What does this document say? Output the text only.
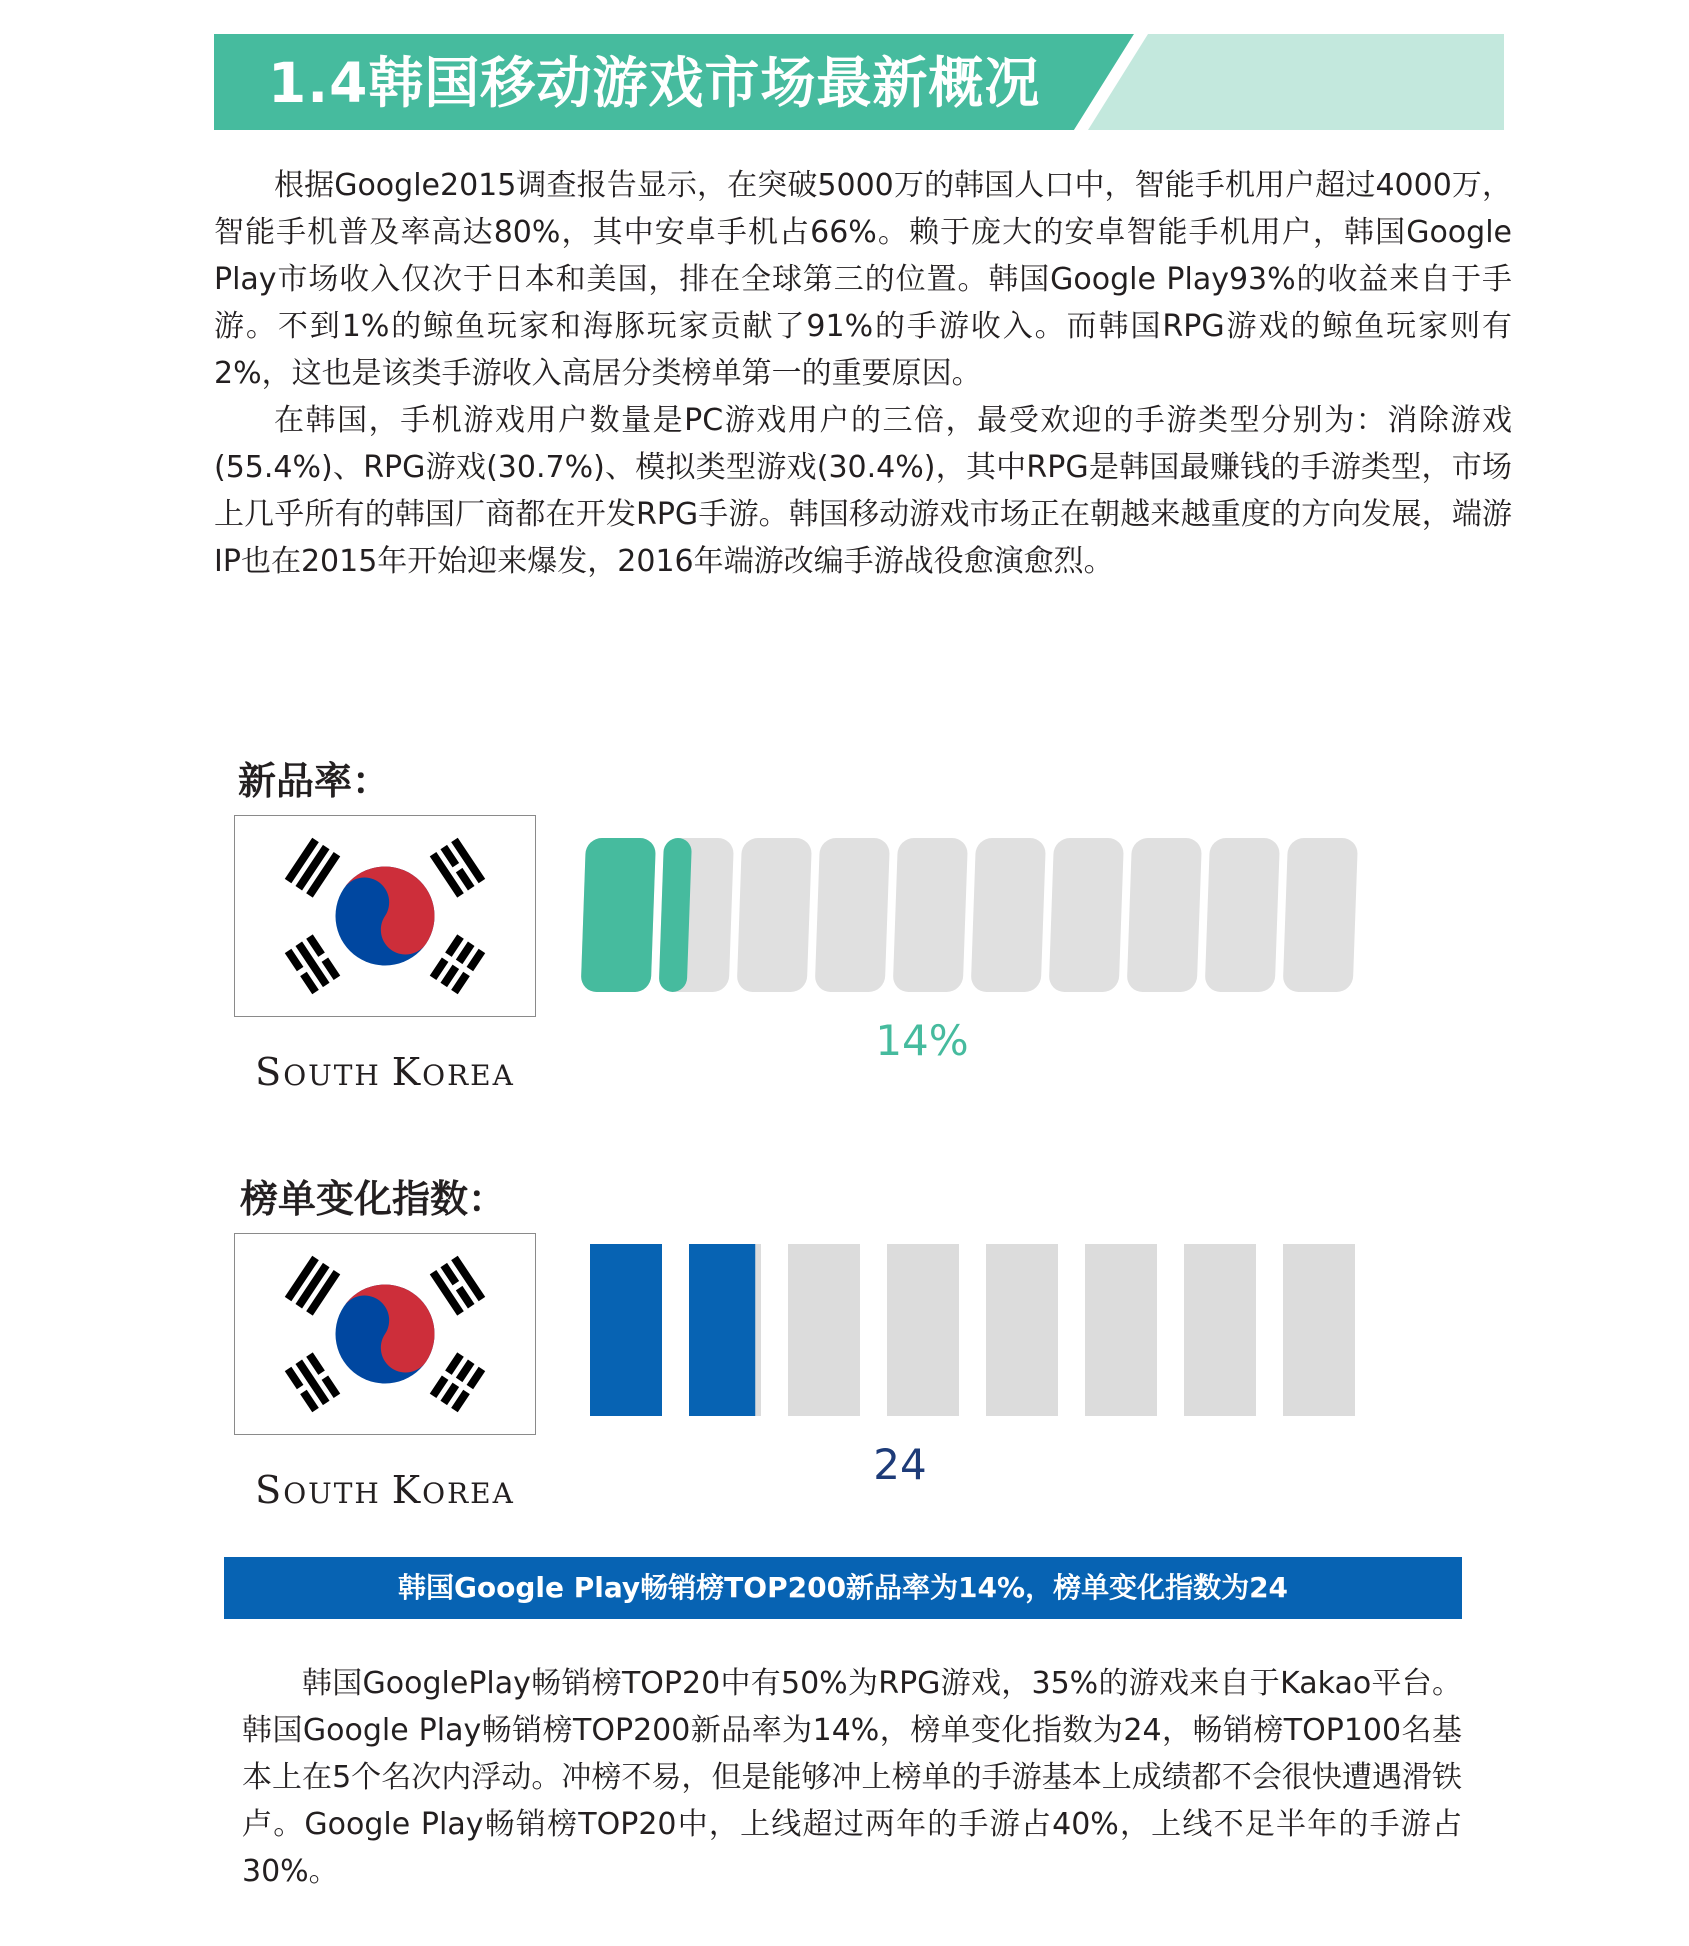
1.4韩国移动游戏市场最新概况

根据Google2015调查报告显示，在突破5000万的韩国人口中，智能手机用户超过4000万，智能手机普及率高达80%，其中安卓手机占66%。赖于庞大的安卓智能手机用户，韩国Google Play市场收入仅次于日本和美国，排在全球第三的位置。韩国Google Play93%的收益来自于手游。不到1%的鲸鱼玩家和海豚玩家贡献了91%的手游收入。而韩国RPG游戏的鲸鱼玩家则有2%，这也是该类手游收入高居分类榜单第一的重要原因。

在韩国，手机游戏用户数量是PC游戏用户的三倍，最受欢迎的手游类型分别为：消除游戏(55.4%)、RPG游戏(30.7%)、模拟类型游戏(30.4%)，其中RPG是韩国最赚钱的手游类型，市场上几乎所有的韩国厂商都在开发RPG手游。韩国移动游戏市场正在朝越来越重度的方向发展，端游IP也在2015年开始迎来爆发，2016年端游改编手游战役愈演愈烈。

新品率：
SOUTH KOREA
14%
榜单变化指数：
SOUTH KOREA
24
韩国Google Play畅销榜TOP200新品率为14%，榜单变化指数为24

韩国GooglePlay畅销榜TOP20中有50%为RPG游戏，35%的游戏来自于Kakao平台。韩国Google Play畅销榜TOP200新品率为14%，榜单变化指数为24，畅销榜TOP100名基本上在5个名次内浮动。冲榜不易，但是能够冲上榜单的手游基本上成绩都不会很快遭遇滑铁卢。Google Play畅销榜TOP20中，上线超过两年的手游占40%，上线不足半年的手游占30%。
